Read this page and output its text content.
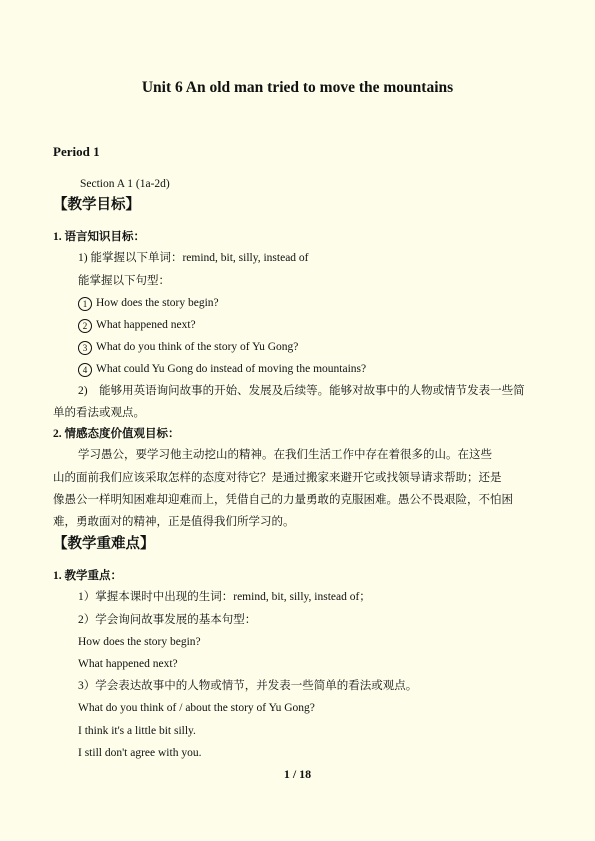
Unit 6 An old man tried to move the mountains
Period 1
Section A 1 (1a-2d)
【教学目标】
1. 语言知识目标：
1) 能掌握以下单词：remind, bit, silly, instead of
能掌握以下句型：
1 How does the story begin?
2 What happened next?
3 What do you think of the story of Yu Gong?
4 What could Yu Gong do instead of moving the mountains?
2)　能够用英语询问故事的开始、发展及后续等。能够对故事中的人物或情节发表一些简
单的看法或观点。
2. 情感态度价值观目标：
学习愚公，要学习他主动挖山的精神。在我们生活工作中存在着很多的山。在这些
山的面前我们应该采取怎样的态度对待它？是通过搬家来避开它或找领导请求帮助；还是
像愚公一样明知困难却迎难而上，凭借自己的力量勇敢的克服困难。愚公不畏艰险，不怕困
难，勇敢面对的精神，正是值得我们所学习的。
【教学重难点】
1. 教学重点：
1）掌握本课时中出现的生词：remind, bit, silly, instead of；
2）学会询问故事发展的基本句型：
How does the story begin?
What happened next?
3）学会表达故事中的人物或情节，并发表一些简单的看法或观点。
What do you think of / about the story of Yu Gong?
I think it's a little bit silly.
I still don't agree with you.
1 / 18
